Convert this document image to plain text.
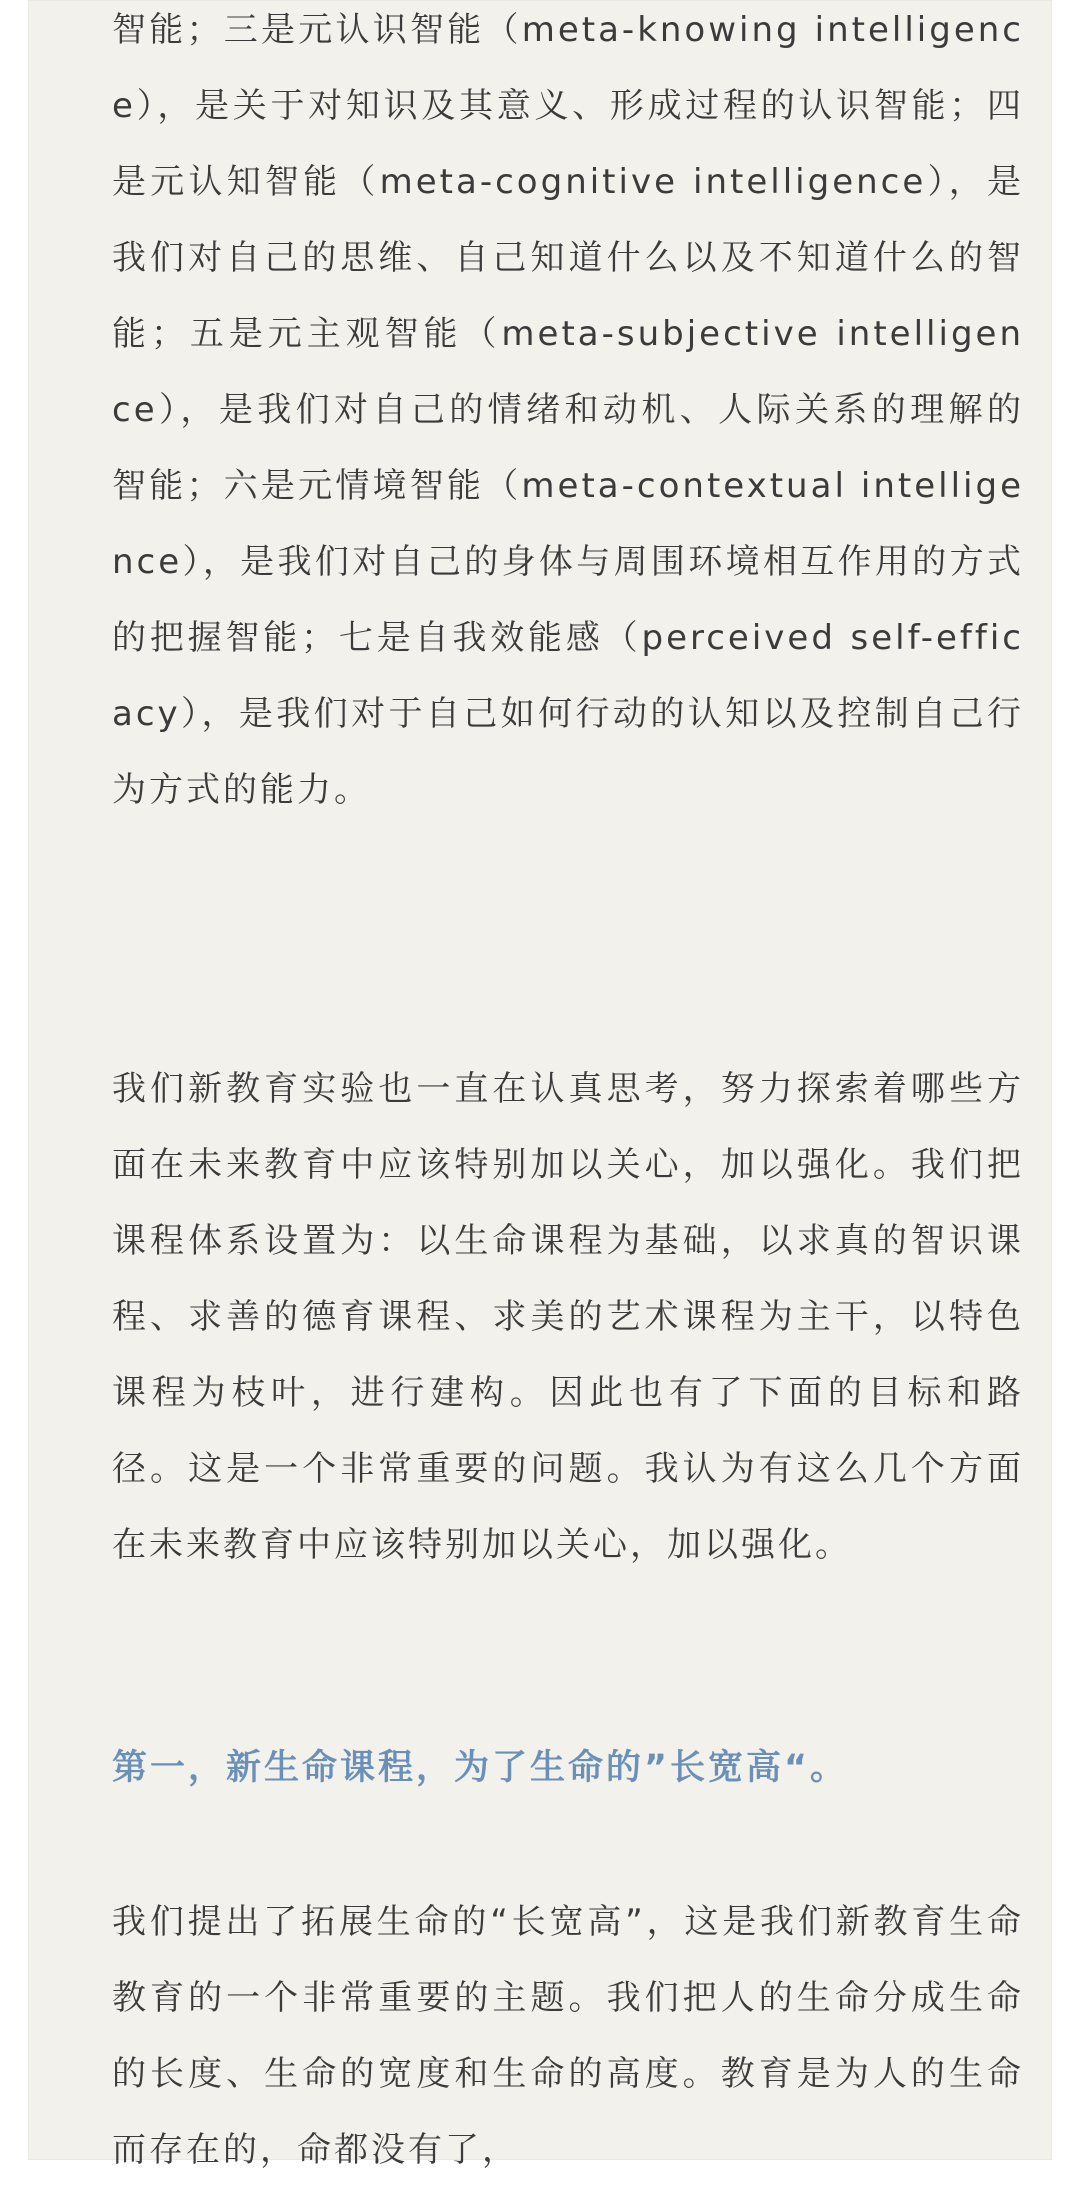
智能；三是元认识智能（meta-knowing intelligence），是关于对知识及其意义、形成过程的认识智能；四是元认知智能（meta-cognitive intelligence），是我们对自己的思维、自己知道什么以及不知道什么的智能；五是元主观智能（meta-subjective intelligence），是我们对自己的情绪和动机、人际关系的理解的智能；六是元情境智能（meta-contextual intelligence），是我们对自己的身体与周围环境相互作用的方式的把握智能；七是自我效能感（perceived self-efficacy），是我们对于自己如何行动的认知以及控制自己行为方式的能力。

我们新教育实验也一直在认真思考，努力探索着哪些方面在未来教育中应该特别加以关心，加以强化。我们把课程体系设置为：以生命课程为基础，以求真的智识课程、求善的德育课程、求美的艺术课程为主干，以特色课程为枝叶，进行建构。因此也有了下面的目标和路径。这是一个非常重要的问题。我认为有这么几个方面在未来教育中应该特别加以关心，加以强化。

第一，新生命课程，为了生命的”长宽高“。

我们提出了拓展生命的“长宽高”，这是我们新教育生命教育的一个非常重要的主题。我们把人的生命分成生命的长度、生命的宽度和生命的高度。教育是为人的生命而存在的，命都没有了，
